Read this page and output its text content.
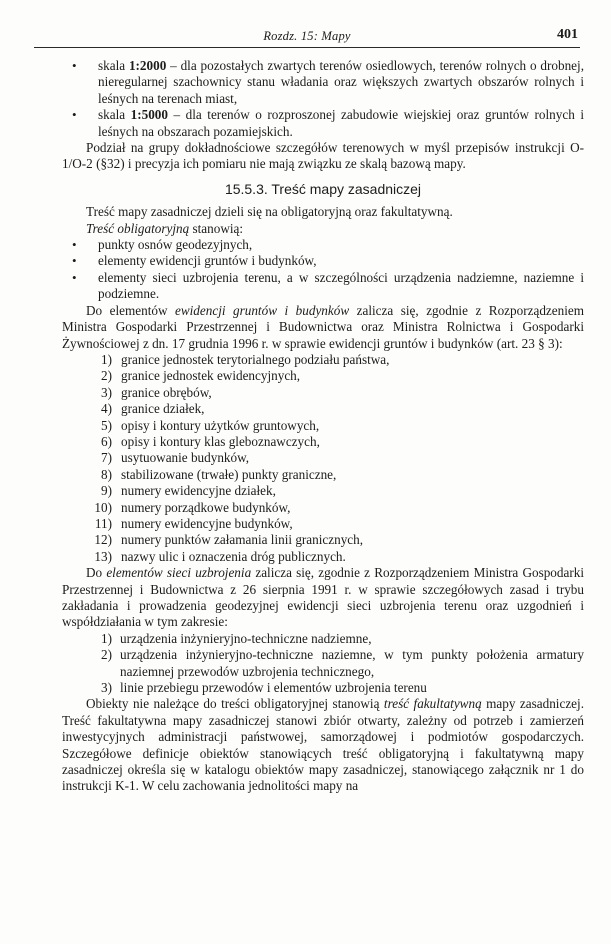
Rozdz. 15: Mapy	401
• skala 1:2000 – dla pozostałych zwartych terenów osiedlowych, terenów rolnych o drobnej, nieregularnej szachownicy stanu władania oraz większych zwartych obszarów rolnych i leśnych na terenach miast,
• skala 1:5000 – dla terenów o rozproszonej zabudowie wiejskiej oraz gruntów rolnych i leśnych na obszarach pozamiejskich.

Podział na grupy dokładnościowe szczegółów terenowych w myśl przepisów instrukcji O-1/O-2 (§32) i precyzja ich pomiaru nie mają związku ze skalą bazową mapy.

15.5.3. Treść mapy zasadniczej

Treść mapy zasadniczej dzieli się na obligatoryjną oraz fakultatywną.

Treść obligatoryjną stanowią:

• punkty osnów geodezyjnych,
• elementy ewidencji gruntów i budynków,
• elementy sieci uzbrojenia terenu, a w szczególności urządzenia nadziemne, naziemne i podziemne.

Do elementów ewidencji gruntów i budynków zalicza się, zgodnie z Rozporządzeniem Ministra Gospodarki Przestrzennej i Budownictwa oraz Ministra Rolnictwa i Gospodarki Żywnościowej z dn. 17 grudnia 1996 r. w sprawie ewidencji gruntów i budynków (art. 23 § 3):

1) granice jednostek terytorialnego podziału państwa,
2) granice jednostek ewidencyjnych,
3) granice obrębów,
4) granice działek,
5) opisy i kontury użytków gruntowych,
6) opisy i kontury klas gleboznawczych,
7) usytuowanie budynków,
8) stabilizowane (trwałe) punkty graniczne,
9) numery ewidencyjne działek,
10) numery porządkowe budynków,
11) numery ewidencyjne budynków,
12) numery punktów załamania linii granicznych,
13) nazwy ulic i oznaczenia dróg publicznych.

Do elementów sieci uzbrojenia zalicza się, zgodnie z Rozporządzeniem Ministra Gospodarki Przestrzennej i Budownictwa z 26 sierpnia 1991 r. w sprawie szczegółowych zasad i trybu zakładania i prowadzenia geodezyjnej ewidencji sieci uzbrojenia terenu oraz uzgodnień i współdziałania w tym zakresie:

1) urządzenia inżynieryjno-techniczne nadziemne,
2) urządzenia inżynieryjno-techniczne naziemne, w tym punkty położenia armatury naziemnej przewodów uzbrojenia technicznego,
3) linie przebiegu przewodów i elementów uzbrojenia terenu

Obiekty nie należące do treści obligatoryjnej stanowią treść fakultatywną mapy zasadniczej. Treść fakultatywna mapy zasadniczej stanowi zbiór otwarty, zależny od potrzeb i zamierzeń inwestycyjnych administracji państwowej, samorządowej i podmiotów gospodarczych. Szczegółowe definicje obiektów stanowiących treść obligatoryjną i fakultatywną mapy zasadniczej określa się w katalogu obiektów mapy zasadniczej, stanowiącego załącznik nr 1 do instrukcji K-1. W celu zachowania jednolitości mapy na
